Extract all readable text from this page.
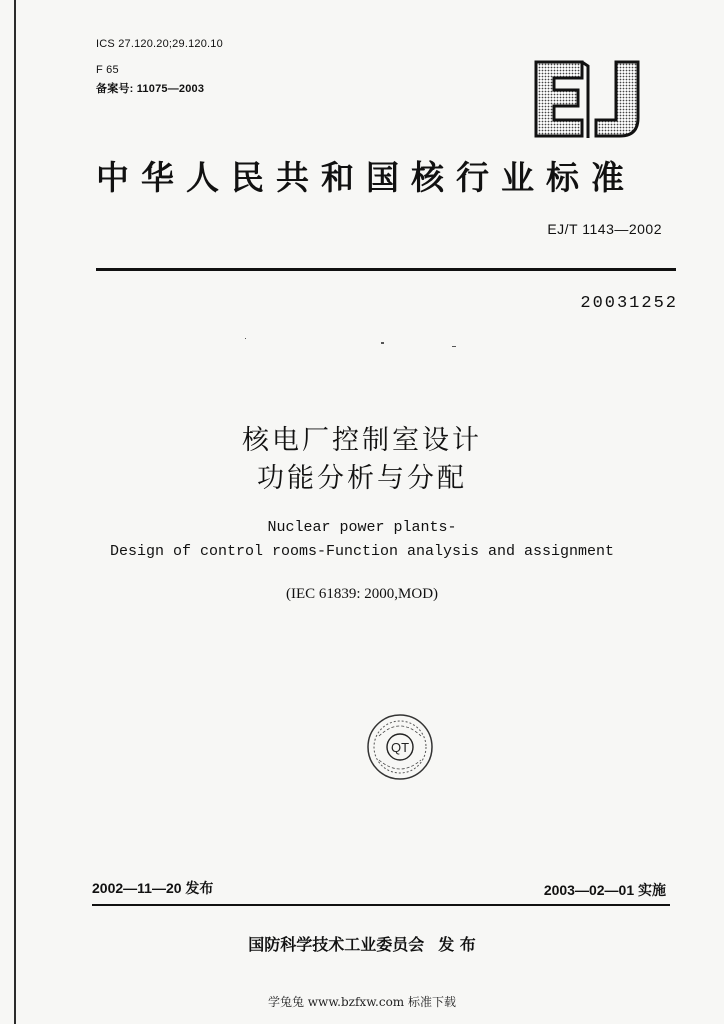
ICS 27.120.20;29.120.10
F 65
备案号: 11075—2003
中华人民共和国核行业标准
EJ/T 1143—2002
20031252
核电厂控制室设计
功能分析与分配
Nuclear power plants-
Design of control rooms-Function analysis and assignment
(IEC 61839: 2000,MOD)
QT
2002—11—20 发布	2003—02—01 实施
国防科学技术工业委员会 发 布
学兔兔 www.bzfxw.com 标准下载
